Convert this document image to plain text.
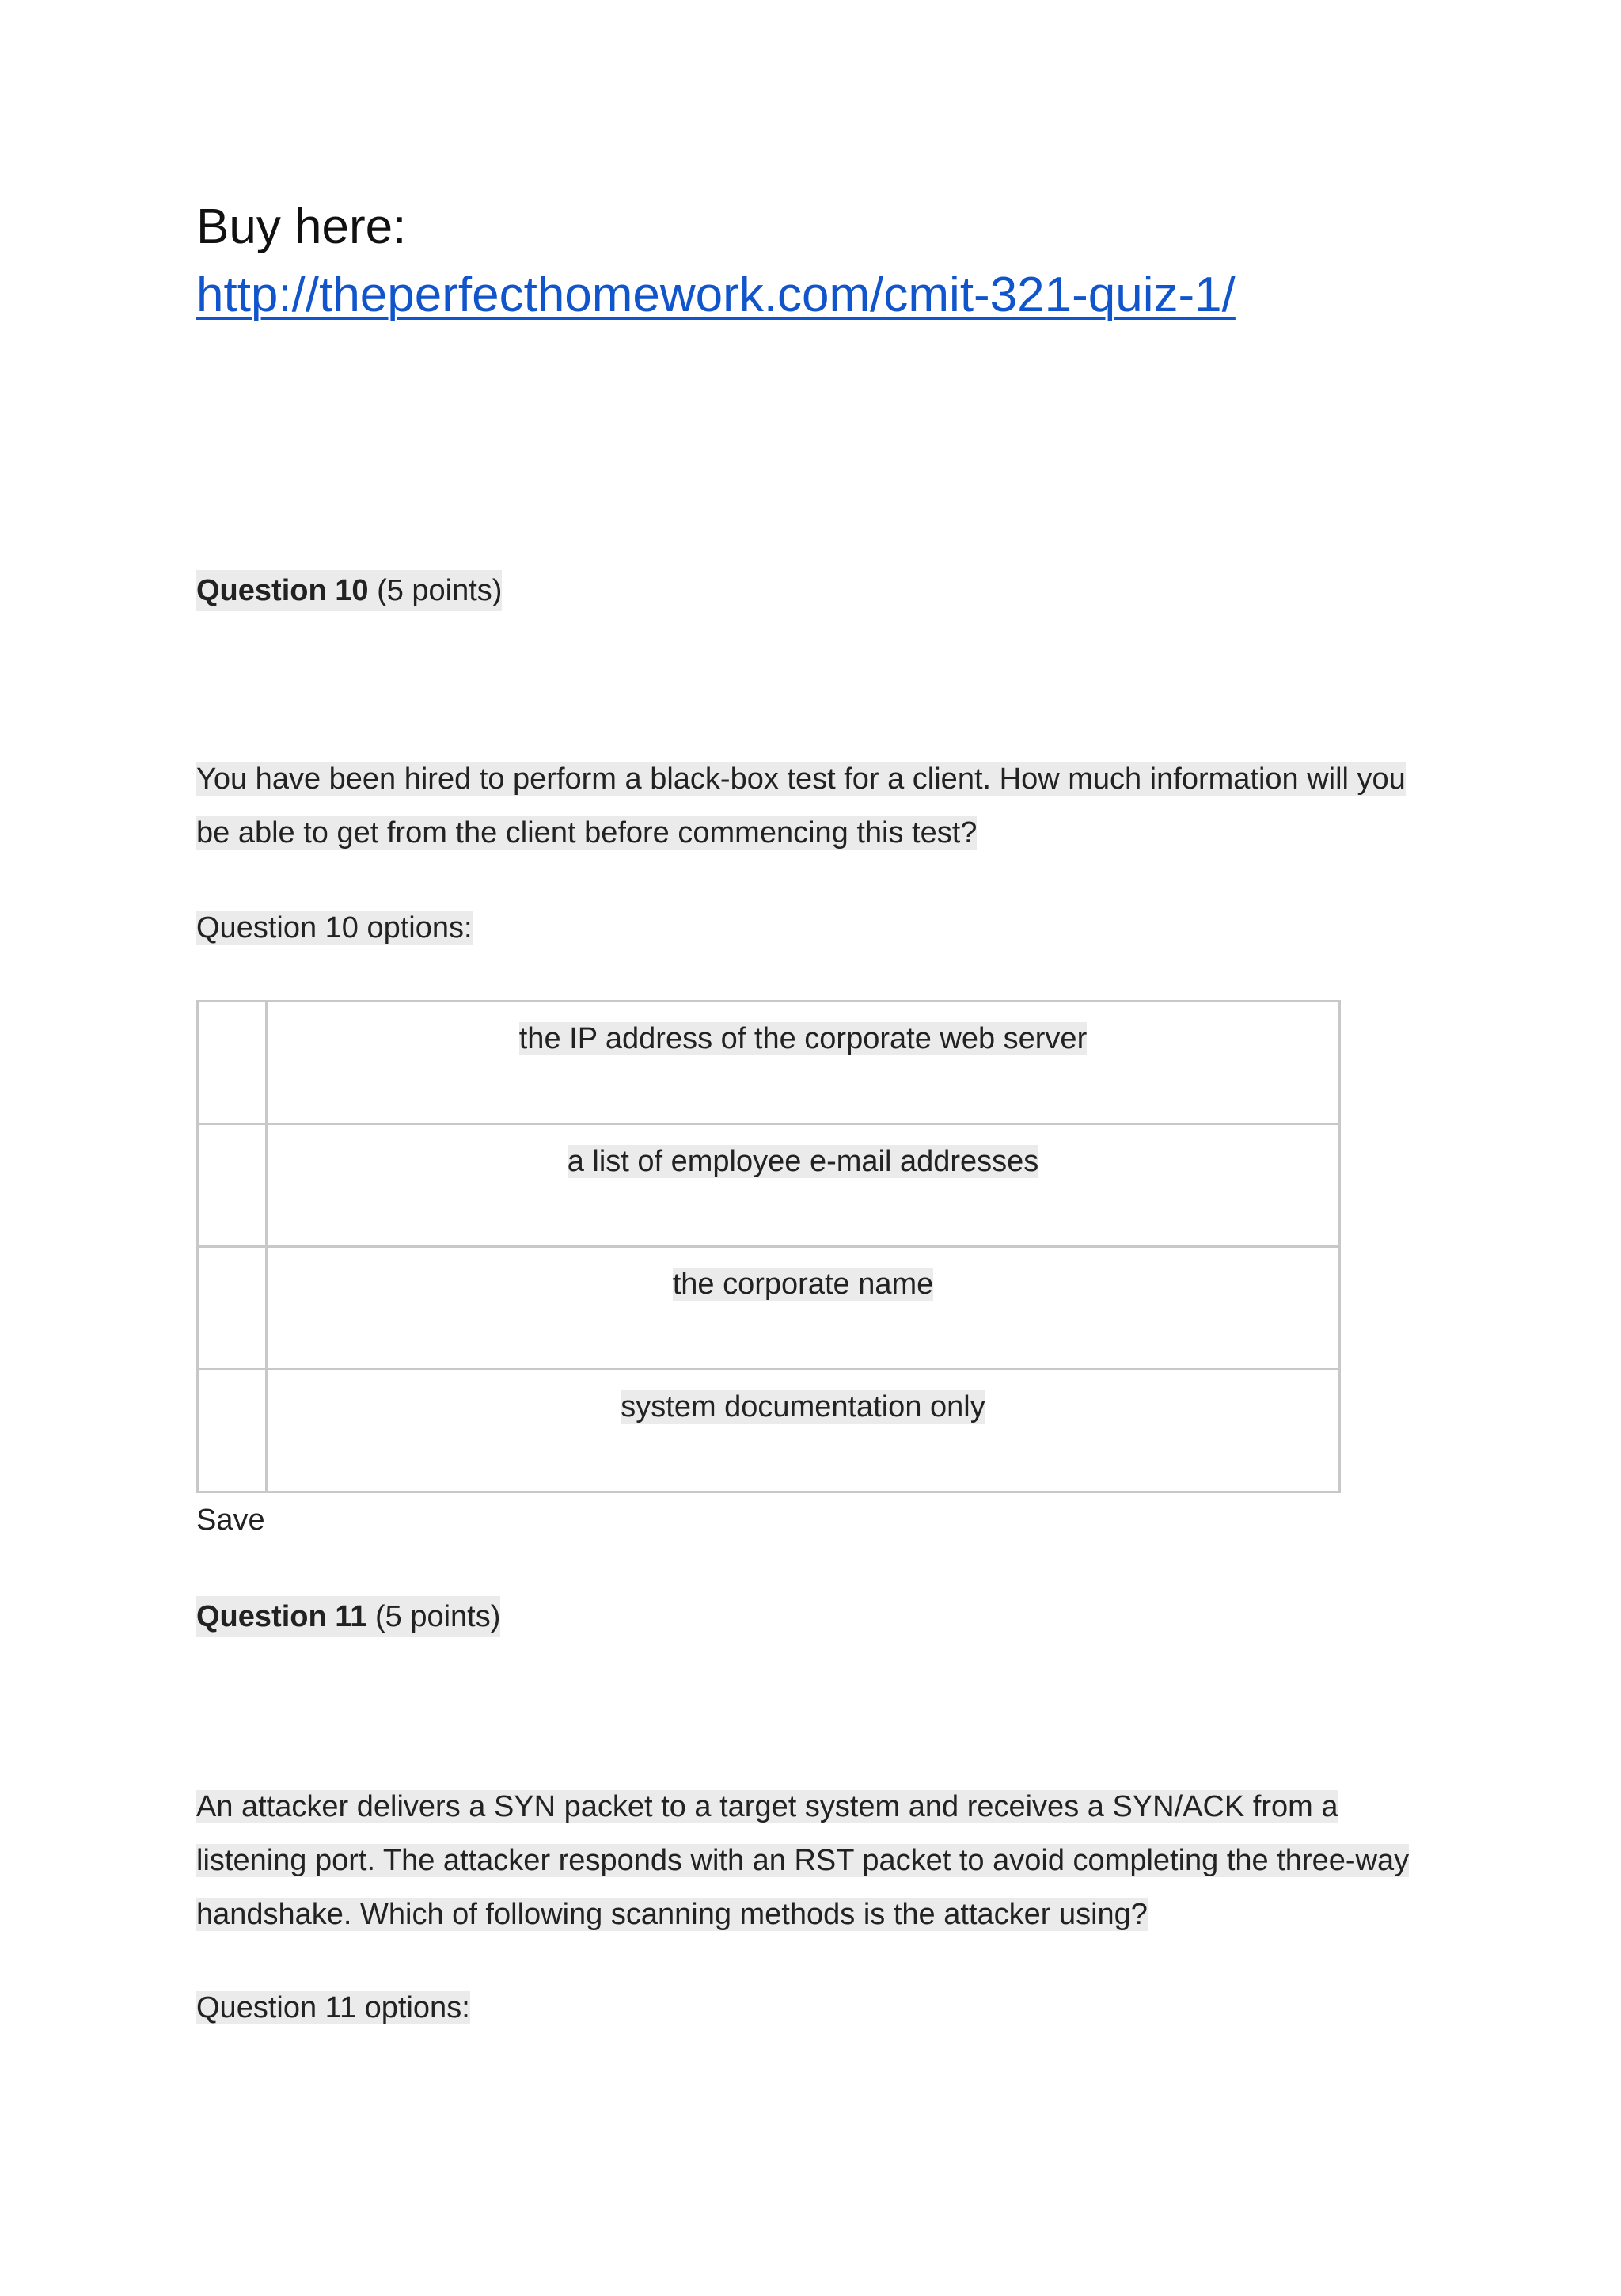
Buy here:
http://theperfecthomework.com/cmit-321-quiz-1/

Question 10 (5 points)

You have been hired to perform a black-box test for a client. How much information will you be able to get from the client before commencing this test?

Question 10 options:

	the IP address of the corporate web server
	a list of employee e-mail addresses
	the corporate name
	system documentation only
Save

Question 11 (5 points)

An attacker delivers a SYN packet to a target system and receives a SYN/ACK from a listening port. The attacker responds with an RST packet to avoid completing the three-way handshake. Which of following scanning methods is the attacker using?

Question 11 options:
